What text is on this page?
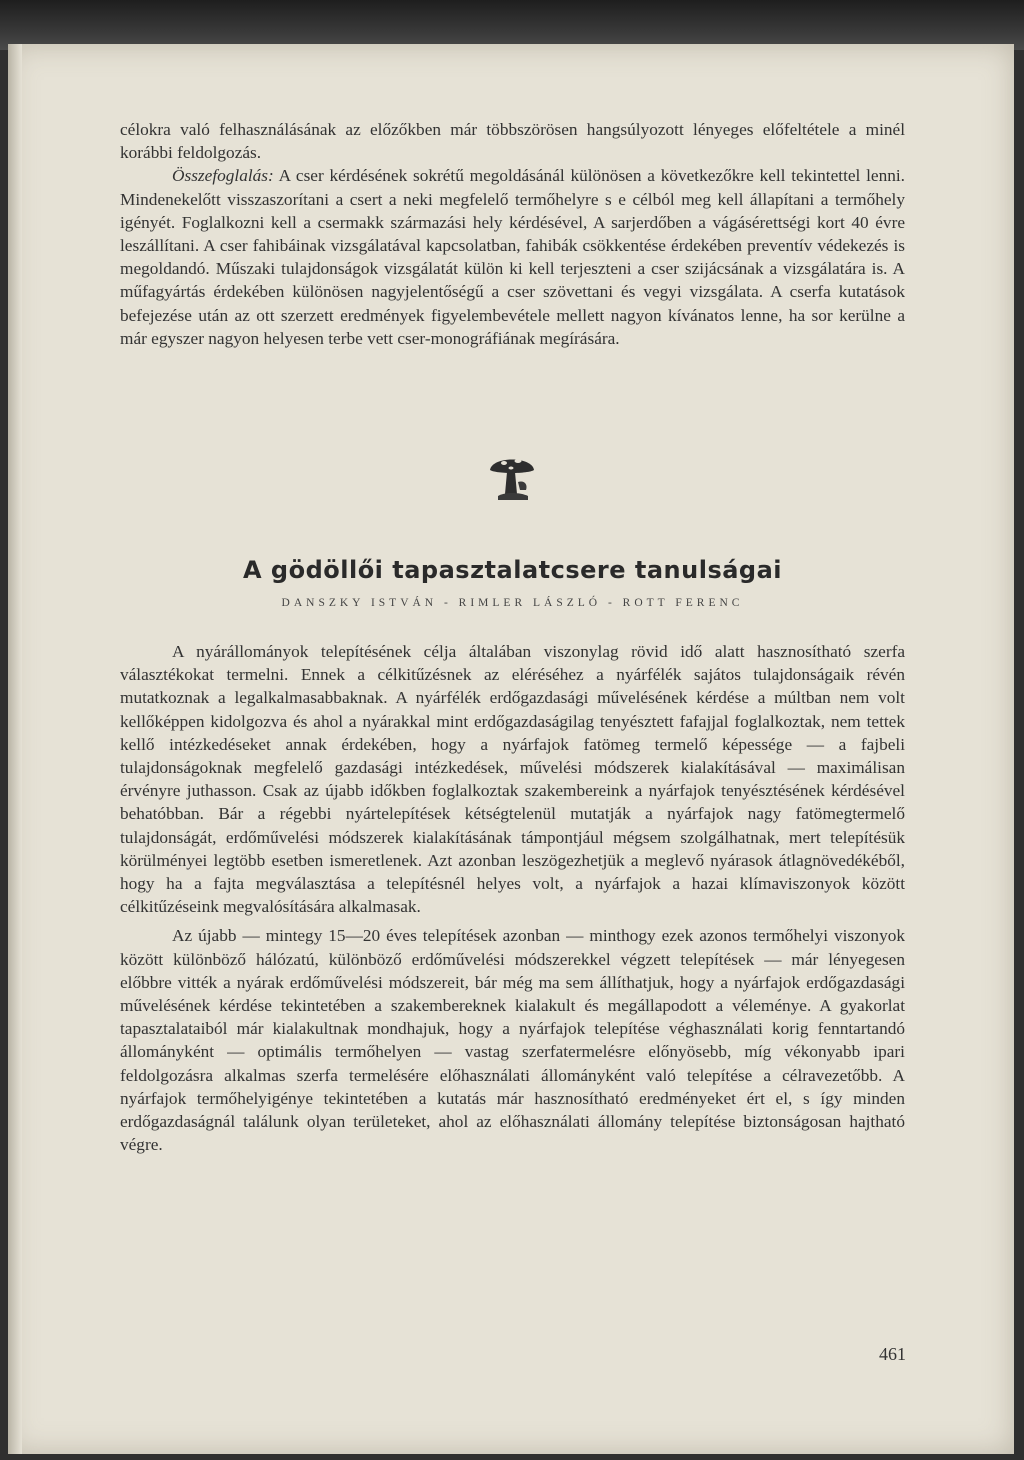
célokra való felhasználásának az előzőkben már többszörösen hangsúlyozott lényeges előfeltétele a minél korábbi feldolgozás.

Összefoglalás: A cser kérdésének sokrétű megoldásánál különösen a következőkre kell tekintettel lenni. Mindenekelőtt visszaszorítani a csert a neki megfelelő termőhelyre s e célból meg kell állapítani a termőhely igényét. Foglalkozni kell a csermakk származási hely kérdésével, A sarjerdőben a vágásérettségi kort 40 évre leszállítani. A cser fahibáinak vizsgálatával kapcsolatban, fahibák csökkentése érdekében preventív védekezés is megoldandó. Műszaki tulajdonságok vizsgálatát külön ki kell terjeszteni a cser szijácsának a vizsgálatára is. A műfagyártás érdekében különösen nagyjelentőségű a cser szövettani és vegyi vizsgálata. A cserfa kutatások befejezése után az ott szerzett eredmények figyelembevétele mellett nagyon kívánatos lenne, ha sor kerülne a már egyszer nagyon helyesen terbe vett cser-monográfiának megírására.

A gödöllői tapasztalatcsere tanulságai
DANSZKY ISTVÁN - RIMLER LÁSZLÓ - ROTT FERENC

A nyárállományok telepítésének célja általában viszonylag rövid idő alatt hasznosítható szerfa választékokat termelni. Ennek a célkitűzésnek az eléréséhez a nyárfélék sajátos tulajdonságaik révén mutatkoznak a legalkalmasabbaknak. A nyárfélék erdőgazdasági művelésének kérdése a múltban nem volt kellőképpen kidolgozva és ahol a nyárakkal mint erdőgazdaságilag tenyésztett fafajjal foglalkoztak, nem tettek kellő intézkedéseket annak érdekében, hogy a nyárfajok fatömeg termelő képessége — a fajbeli tulajdonságoknak megfelelő gazdasági intézkedések, művelési módszerek kialakításával — maximálisan érvényre juthasson. Csak az újabb időkben foglalkoztak szakembereink a nyárfajok tenyésztésének kérdésével behatóbban. Bár a régebbi nyártelepítések kétségtelenül mutatják a nyárfajok nagy fatömegtermelő tulajdonságát, erdőművelési módszerek kialakításának támpontjául mégsem szolgálhatnak, mert telepítésük körülményei legtöbb esetben ismeretlenek. Azt azonban leszögezhetjük a meglevő nyárasok átlagnövedékéből, hogy ha a fajta megválasztása a telepítésnél helyes volt, a nyárfajok a hazai klímaviszonyok között célkitűzéseink megvalósítására alkalmasak.

Az újabb — mintegy 15—20 éves telepítések azonban — minthogy ezek azonos termőhelyi viszonyok között különböző hálózatú, különböző erdőművelési módszerekkel végzett telepítések — már lényegesen előbbre vitték a nyárak erdőművelési módszereit, bár még ma sem állíthatjuk, hogy a nyárfajok erdőgazdasági művelésének kérdése tekintetében a szakembereknek kialakult és megállapodott a véleménye. A gyakorlat tapasztalataiból már kialakultnak mondhajuk, hogy a nyárfajok telepítése véghasználati korig fenntartandó állományként — optimális termőhelyen — vastag szerfatermelésre előnyösebb, míg vékonyabb ipari feldolgozásra alkalmas szerfa termelésére előhasználati állományként való telepítése a célravezetőbb. A nyárfajok termőhelyigénye tekintetében a kutatás már hasznosítható eredményeket ért el, s így minden erdőgazdaságnál találunk olyan területeket, ahol az előhasználati állomány telepítése biztonságosan hajtható végre.

461
